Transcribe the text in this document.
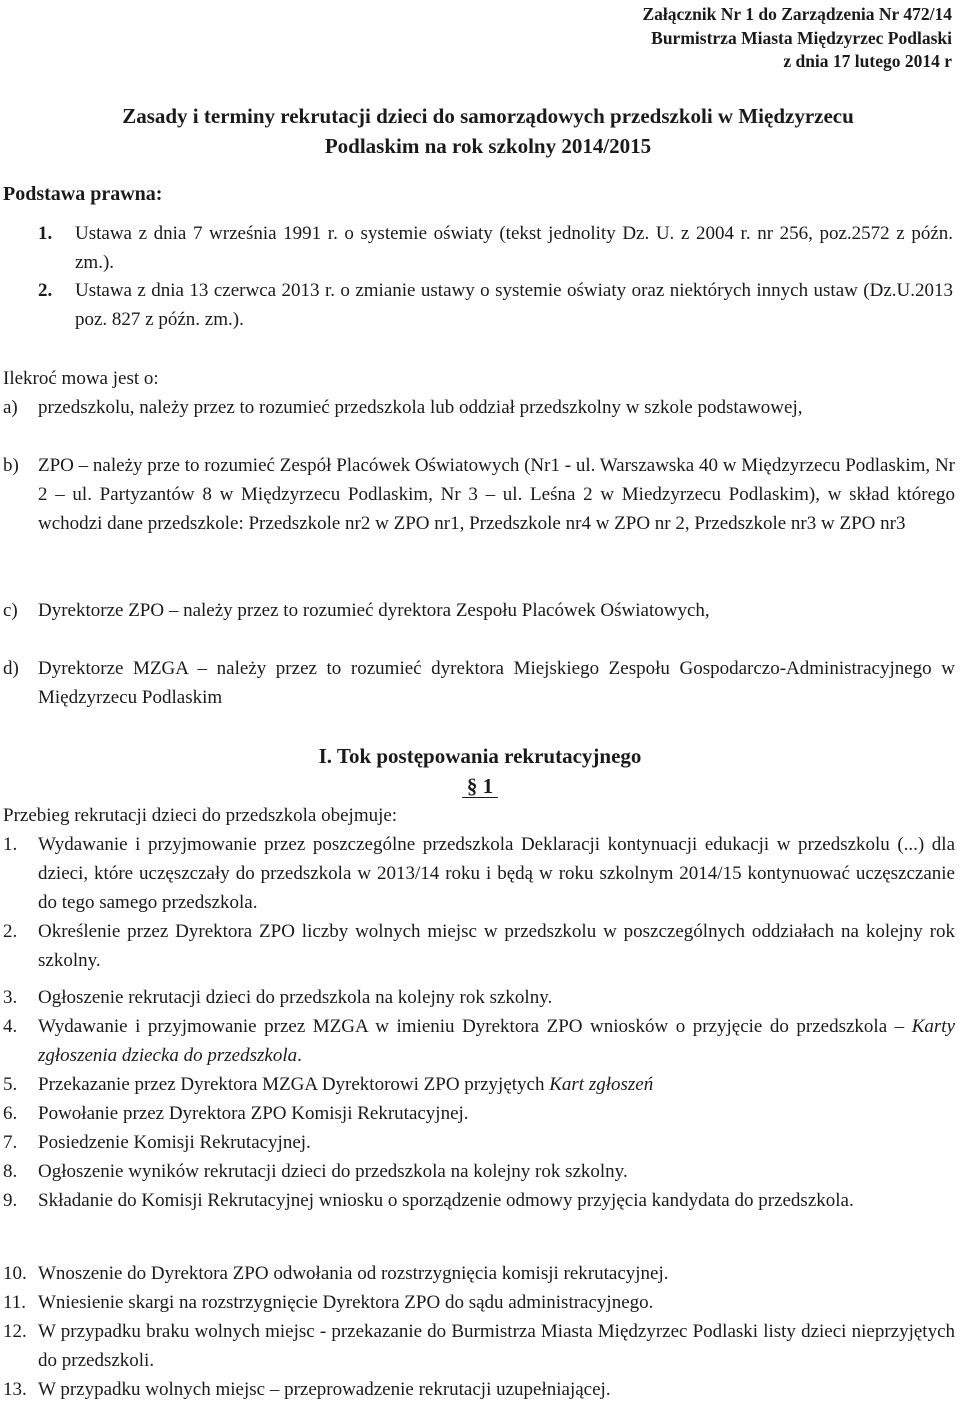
Załącznik Nr 1 do Zarządzenia Nr 472/14
Burmistrza Miasta Międzyrzec Podlaski
z dnia 17 lutego 2014 r
Zasady i terminy rekrutacji dzieci do samorządowych przedszkoli w Międzyrzecu
Podlaskim na rok szkolny 2014/2015
Podstawa prawna:
1.	Ustawa z dnia 7 września 1991 r. o systemie oświaty (tekst jednolity Dz. U. z 2004 r. nr 256, poz.2572 z późn. zm.).
2.	Ustawa z dnia 13 czerwca 2013 r. o zmianie ustawy o systemie oświaty oraz niektórych innych ustaw (Dz.U.2013 poz. 827 z późn. zm.).
Ilekroć mowa jest o:
a)	przedszkolu, należy przez to rozumieć przedszkola lub oddział przedszkolny w szkole podstawowej,
b)	ZPO – należy prze to rozumieć Zespół Placówek Oświatowych (Nr1 - ul. Warszawska 40 w Międzyrzecu Podlaskim, Nr 2 – ul. Partyzantów 8 w Międzyrzecu Podlaskim, Nr 3 – ul. Leśna 2 w Miedzyrzecu Podlaskim), w skład którego wchodzi dane przedszkole: Przedszkole nr2 w ZPO nr1, Przedszkole nr4 w ZPO nr 2, Przedszkole nr3 w ZPO nr3
c)	Dyrektorze ZPO – należy przez to rozumieć dyrektora Zespołu Placówek Oświatowych,
d)	Dyrektorze MZGA – należy przez to rozumieć dyrektora Miejskiego Zespołu Gospodarczo-Administracyjnego w Międzyrzecu Podlaskim
I. Tok postępowania rekrutacyjnego
§ 1
Przebieg rekrutacji dzieci do przedszkola obejmuje:
1.	Wydawanie i przyjmowanie przez poszczególne przedszkola Deklaracji kontynuacji edukacji w przedszkolu (...) dla dzieci, które uczęszczały do przedszkola w 2013/14 roku i będą w roku szkolnym 2014/15 kontynuować uczęszczanie do tego samego przedszkola.
2.	Określenie przez Dyrektora ZPO liczby wolnych miejsc w przedszkolu w poszczególnych oddziałach na kolejny rok szkolny.
3.	Ogłoszenie rekrutacji dzieci do przedszkola na kolejny rok szkolny.
4.	Wydawanie i przyjmowanie przez MZGA w imieniu Dyrektora ZPO wniosków o przyjęcie do przedszkola – Karty zgłoszenia dziecka do przedszkola.
5.	Przekazanie przez Dyrektora MZGA Dyrektorowi ZPO przyjętych Kart zgłoszeń
6.	Powołanie przez Dyrektora ZPO Komisji Rekrutacyjnej.
7.	Posiedzenie Komisji Rekrutacyjnej.
8.	Ogłoszenie wyników rekrutacji dzieci do przedszkola na kolejny rok szkolny.
9.	Składanie do Komisji Rekrutacyjnej wniosku o sporządzenie odmowy przyjęcia kandydata do przedszkola.
10. Wnoszenie do Dyrektora ZPO odwołania od rozstrzygnięcia komisji rekrutacyjnej.
11. Wniesienie skargi na rozstrzygnięcie Dyrektora ZPO do sądu administracyjnego.
12. W przypadku braku wolnych miejsc - przekazanie do Burmistrza Miasta Międzyrzec Podlaski listy dzieci nieprzyjętych do przedszkoli.
13. W przypadku wolnych miejsc – przeprowadzenie rekrutacji uzupełniającej.
